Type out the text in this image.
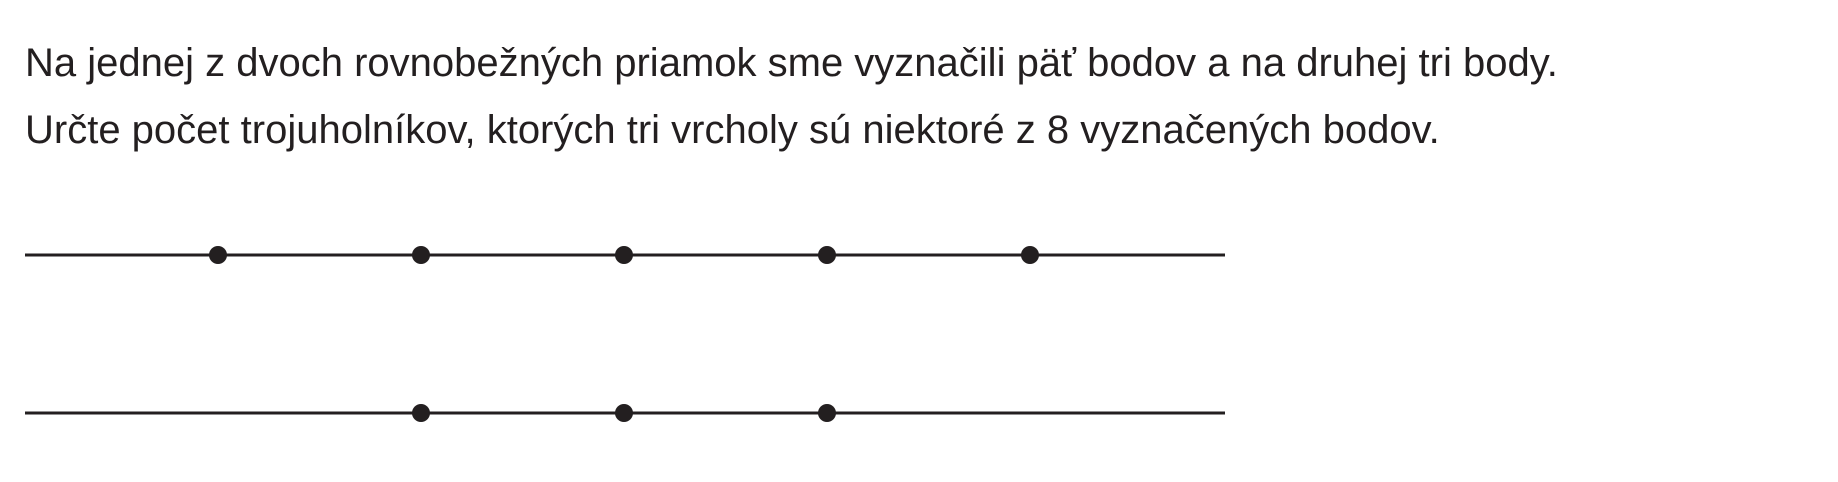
Na jednej z dvoch rovnobežných priamok sme vyznačili päť bodov a na druhej tri body.

Určte počet trojuholníkov, ktorých tri vrcholy sú niektoré z 8 vyznačených bodov.
